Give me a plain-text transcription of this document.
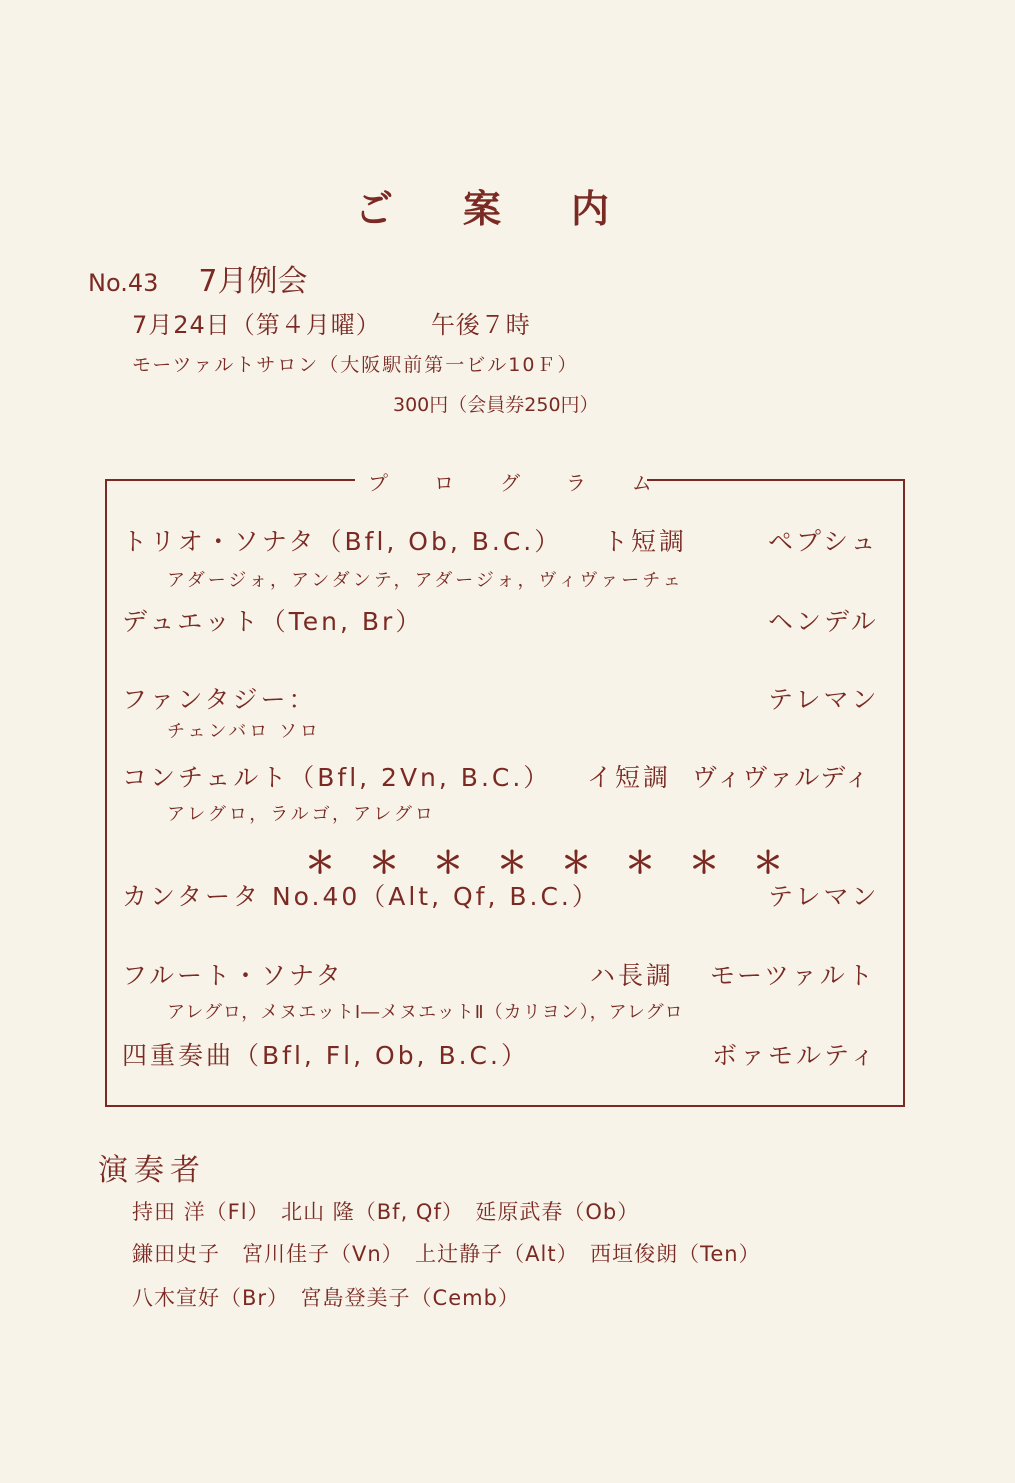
ご 案 内
No.43 7月例会
7月24日（第４月曜） 午後７時
モーツァルトサロン（大阪駅前第一ビル10Ｆ）
300円（会員券250円）
プログラム
トリオ・ソナタ（Bfl, Ob, B.C.） ト短調	ペプシュ
アダージォ，アンダンテ，アダージォ，ヴィヴァーチェ
デュエット（Ten, Br）	ヘンデル
ファンタジー：	テレマン
チェンバロ ソロ
コンチェルト（Bfl, 2Vn, B.C.） イ短調 ヴィヴァルディ
アレグロ，ラルゴ，アレグロ
＊＊＊＊＊＊＊＊
カンタータ No.40（Alt, Qf, B.C.）	テレマン
フルート・ソナタ	ハ長調 モーツァルト
アレグロ，メヌエットⅠ―メヌエットⅡ（カリヨン），アレグロ
四重奏曲（Bfl, Fl, Ob, B.C.）	ボァモルティ
演奏者
持田 洋（Fl）　北山 隆（Bf, Qf）　延原武春（Ob）
鎌田史子　宮川佳子（Vn）　上辻静子（Alt）　西垣俊朗（Ten）
八木宣好（Br）　宮島登美子（Cemb）
